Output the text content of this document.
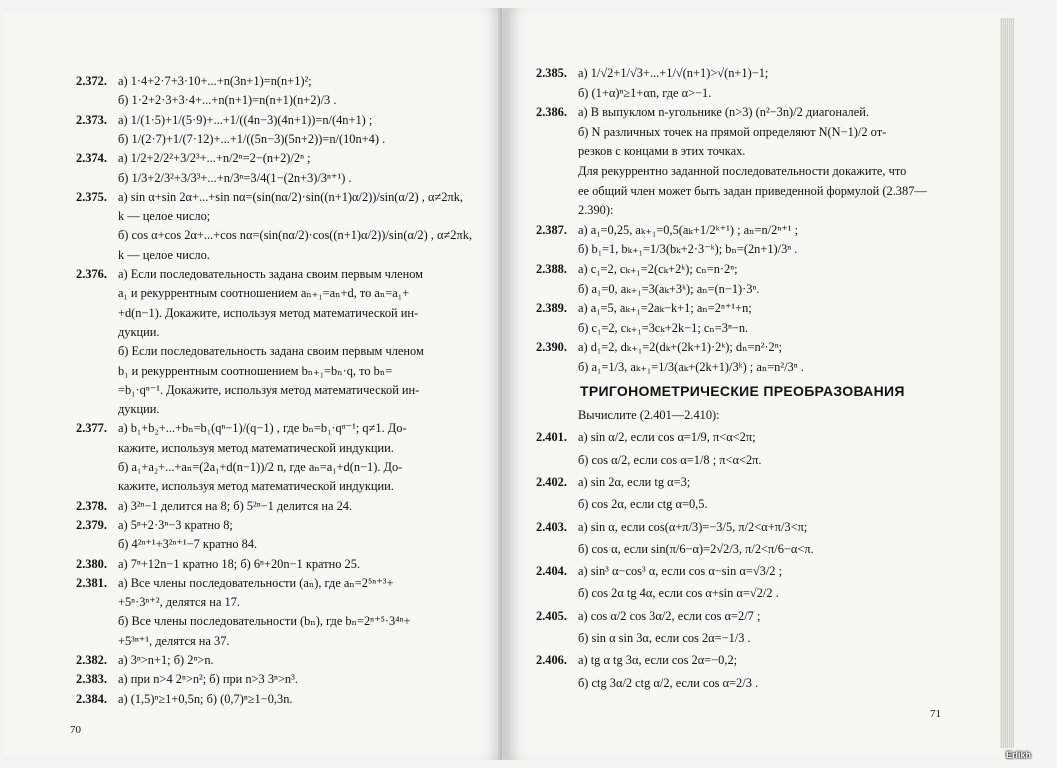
2.372. а) 1·4+2·7+3·10+...+n(3n+1)=n(n+1)²;
б) 1·2+2·3+3·4+...+n(n+1)=n(n+1)(n+2)/3 .
2.373. а) 1/(1·5)+1/(5·9)+...+1/((4n−3)(4n+1))=n/(4n+1) ;
б) 1/(2·7)+1/(7·12)+...+1/((5n−3)(5n+2))=n/(10n+4) .
2.374. а) 1/2+2/2²+3/2³+...+n/2ⁿ=2−(n+2)/2ⁿ ;
б) 1/3+2/3²+3/3³+...+n/3ⁿ=3/4(1−(2n+3)/3ⁿ⁺¹) .
2.375. а) sin α+sin 2α+...+sin nα=(sin(nα/2)·sin((n+1)α/2))/sin(α/2) , α≠2πk,
k — целое число;
б) cos α+cos 2α+...+cos nα=(sin(nα/2)·cos((n+1)α/2))/sin(α/2) , α≠2πk,
k — целое число.
2.376. а) Если последовательность задана своим первым членом
a₁ и рекуррентным соотношением aₙ₊₁=aₙ+d, то aₙ=a₁+
+d(n−1). Докажите, используя метод математической ин-
дукции.
б) Если последовательность задана своим первым членом
b₁ и рекуррентным соотношением bₙ₊₁=bₙ·q, то bₙ=
=b₁·qⁿ⁻¹. Докажите, используя метод математической ин-
дукции.
2.377. а) b₁+b₂+...+bₙ=b₁(qⁿ−1)/(q−1) , где bₙ=b₁·qⁿ⁻¹; q≠1. До-
кажите, используя метод математической индукции.
б) a₁+a₂+...+aₙ=(2a₁+d(n−1))/2 n, где aₙ=a₁+d(n−1). До-
кажите, используя метод математической индукции.
2.378. а) 3²ⁿ−1 делится на 8; б) 5²ⁿ−1 делится на 24.
2.379. а) 5ⁿ+2·3ⁿ−3 кратно 8;
б) 4²ⁿ⁺¹+3²ⁿ⁺¹−7 кратно 84.
2.380. а) 7ⁿ+12n−1 кратно 18; б) 6ⁿ+20n−1 кратно 25.
2.381. а) Все члены последовательности (aₙ), где aₙ=2⁵ⁿ⁺³+
+5ⁿ·3ⁿ⁺², делятся на 17.
б) Все члены последовательности (bₙ), где bₙ=2ⁿ⁺⁵·3⁴ⁿ+
+5³ⁿ⁺¹, делятся на 37.
2.382. а) 3ⁿ>n+1; б) 2ⁿ>n.
2.383. а) при n>4 2ⁿ>n²; б) при n>3 3ⁿ>n³.
2.384. а) (1,5)ⁿ≥1+0,5n; б) (0,7)ⁿ≥1−0,3n.
70
2.385. а) 1/√2+1/√3+...+1/√(n+1)>√(n+1)−1;
б) (1+α)ⁿ≥1+αn, где α>−1.
2.386. а) В выпуклом n-угольнике (n>3) (n²−3n)/2 диагоналей.
б) N различных точек на прямой определяют N(N−1)/2 от-
резков с концами в этих точках.
Для рекуррентно заданной последовательности докажите, что
ее общий член может быть задан приведенной формулой (2.387—
2.390):
2.387. а) a₁=0,25, aₖ₊₁=0,5(aₖ+1/2ᵏ⁺¹) ; aₙ=n/2ⁿ⁺¹ ;
б) b₁=1, bₖ₊₁=1/3(bₖ+2·3⁻ᵏ); bₙ=(2n+1)/3ⁿ .
2.388. а) c₁=2, cₖ₊₁=2(cₖ+2ᵏ); cₙ=n·2ⁿ;
б) a₁=0, aₖ₊₁=3(aₖ+3ᵏ); aₙ=(n−1)·3ⁿ.
2.389. а) a₁=5, aₖ₊₁=2aₖ−k+1; aₙ=2ⁿ⁺¹+n;
б) c₁=2, cₖ₊₁=3cₖ+2k−1; cₙ=3ⁿ−n.
2.390. а) d₁=2, dₖ₊₁=2(dₖ+(2k+1)·2ᵏ); dₙ=n²·2ⁿ;
б) a₁=1/3, aₖ₊₁=1/3(aₖ+(2k+1)/3ᵏ) ; aₙ=n²/3ⁿ .
Вычислите (2.401—2.410):
2.401. а) sin α/2, если cos α=1/9, π<α<2π;
б) cos α/2, если cos α=1/8 ; π<α<2π.
2.402. а) sin 2α, если tg α=3;
б) cos 2α, если ctg α=0,5.
2.403. а) sin α, если cos(α+π/3)=−3/5, π/2<α+π/3<π;
б) cos α, если sin(π/6−α)=2√2/3, π/2<π/6−α<π.
2.404. а) sin³ α−cos³ α, если cos α−sin α=√3/2 ;
б) cos 2α tg 4α, если cos α+sin α=√2/2 .
2.405. а) cos α/2 cos 3α/2, если cos α=2/7 ;
б) sin α sin 3α, если cos 2α=−1/3 .
2.406. а) tg α tg 3α, если cos 2α=−0,2;
б) ctg 3α/2 ctg α/2, если cos α=2/3 .
ТРИГОНОМЕТРИЧЕСКИЕ ПРЕОБРАЗОВАНИЯ
71
Erlikh
